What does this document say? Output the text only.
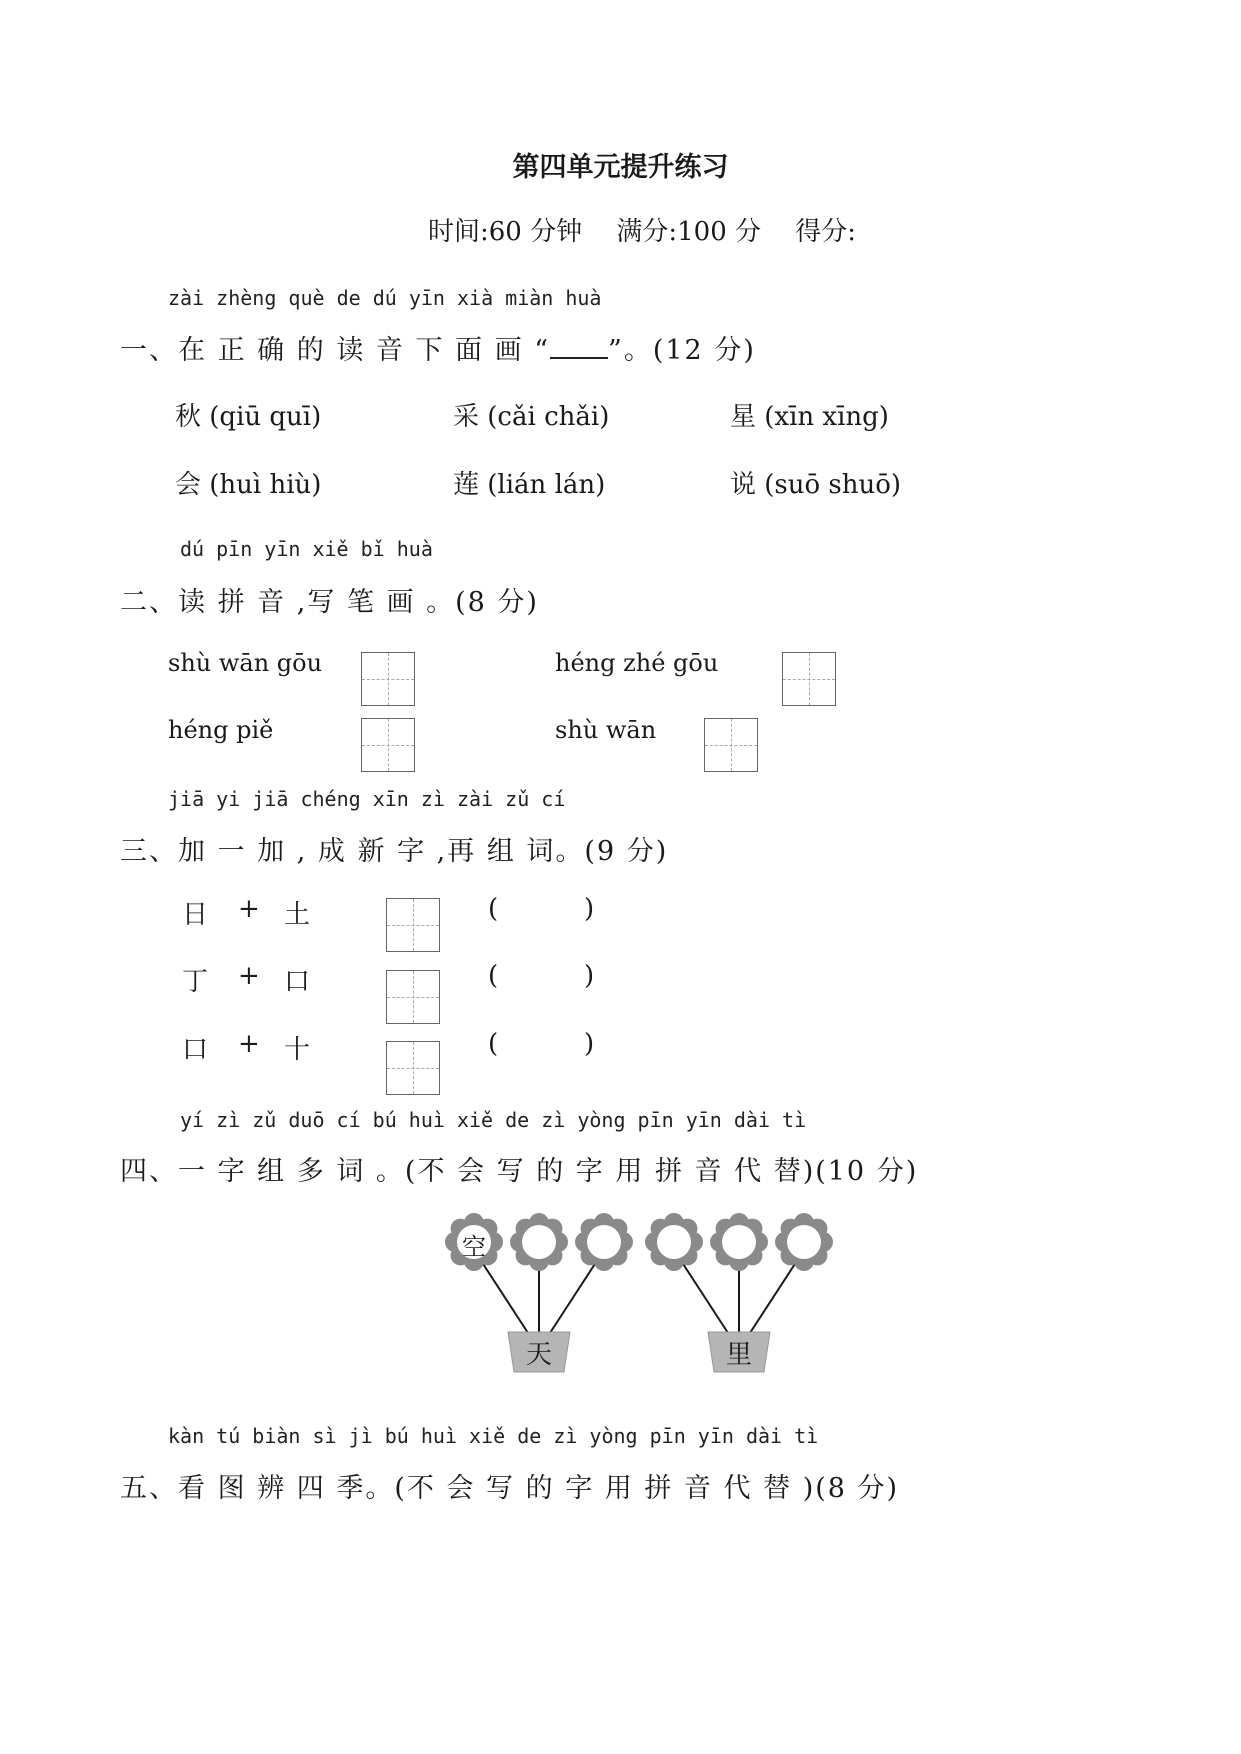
第四单元提升练习
时间:60 分钟 满分:100 分 得分:
zài zhèng què de dú yīn xià miàn huà
一、在 正 确 的 读 音 下 面 画 “ ”。(12 分)
秋 (qiū quī)	采 (cǎi chǎi)	星 (xīn xīng)
会 (huì hiù)	莲 (lián lán)	说 (suō shuō)
dú pīn yīn xiě bǐ huà
二、读 拼 音 ,写 笔 画 。(8 分)
shù wān gōu	héng zhé gōu
héng piě	shù wān
jiā yi jiā chéng xīn zì zài zǔ cí
三、加 一 加 , 成 新 字 ,再 组 词。(9 分)
日 + 土	(	)
丁 + 口	(	)
口 + 十	(	)
yí zì zǔ duō cí bú huì xiě de zì yòng pīn yīn dài tì
四、一 字 组 多 词 。(不 会 写 的 字 用 拼 音 代 替)(10 分)
天	里
空
kàn tú biàn sì jì bú huì xiě de zì yòng pīn yīn dài tì
五、看 图 辨 四 季。(不 会 写 的 字 用 拼 音 代 替 )(8 分)
